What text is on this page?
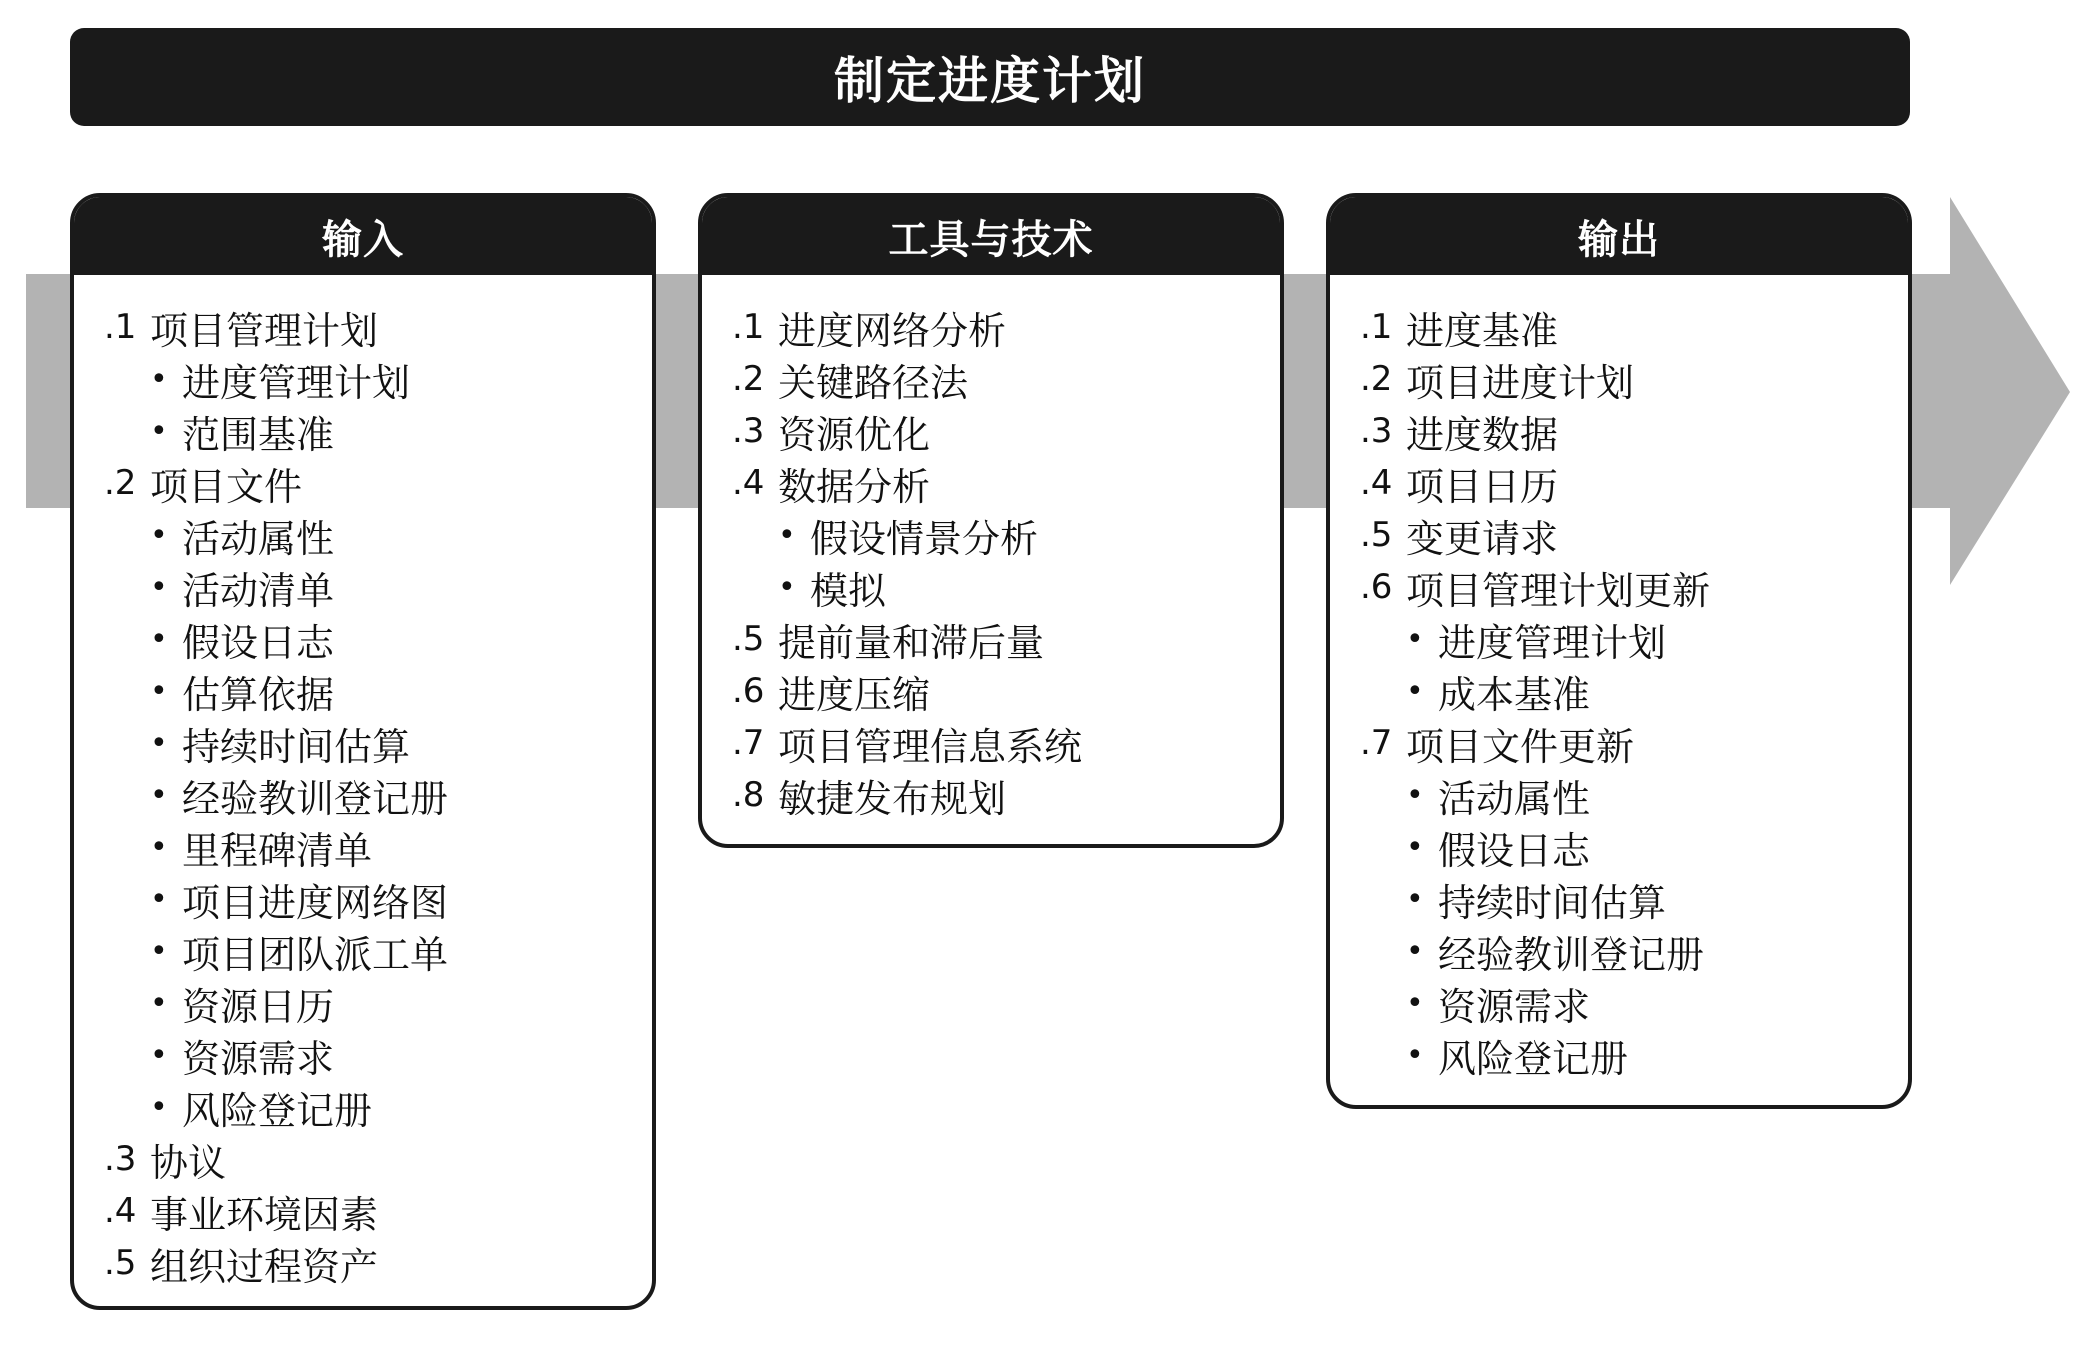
制定进度计划
输入
.1 项目管理计划
• 进度管理计划
• 范围基准
.2 项目文件
• 活动属性
• 活动清单
• 假设日志
• 估算依据
• 持续时间估算
• 经验教训登记册
• 里程碑清单
• 项目进度网络图
• 项目团队派工单
• 资源日历
• 资源需求
• 风险登记册
.3 协议
.4 事业环境因素
.5 组织过程资产
工具与技术
.1 进度网络分析
.2 关键路径法
.3 资源优化
.4 数据分析
• 假设情景分析
• 模拟
.5 提前量和滞后量
.6 进度压缩
.7 项目管理信息系统
.8 敏捷发布规划
输出
.1 进度基准
.2 项目进度计划
.3 进度数据
.4 项目日历
.5 变更请求
.6 项目管理计划更新
• 进度管理计划
• 成本基准
.7 项目文件更新
• 活动属性
• 假设日志
• 持续时间估算
• 经验教训登记册
• 资源需求
• 风险登记册
